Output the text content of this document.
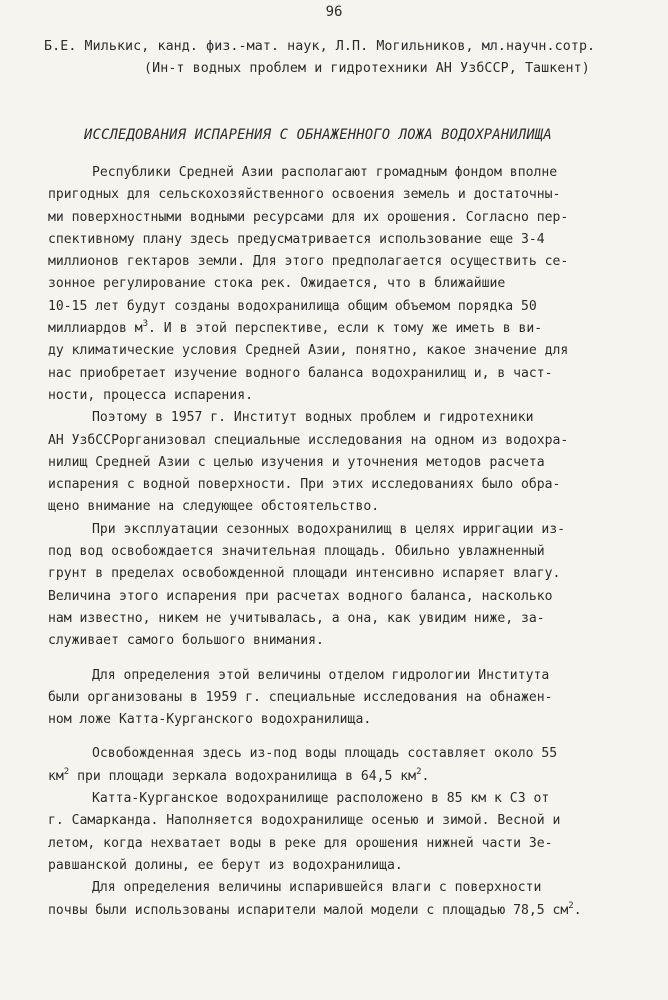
96
Б.Е. Милькис, канд. физ.-мат. наук, Л.П. Могильников, мл.научн.сотр.
(Ин-т водных проблем и гидротехники АН УзбССР, Ташкент)
ИССЛЕДОВАНИЯ ИСПАРЕНИЯ С ОБНАЖЕННОГО ЛОЖА ВОДОХРАНИЛИЩА
Республики Средней Азии располагают громадным фондом вполне
пригодных для сельскохозяйственного освоения земель и достаточны-
ми поверхностными водными ресурсами для их орошения. Согласно пер-
спективному плану здесь предусматривается использование еще 3-4
миллионов гектаров земли. Для этого предполагается осуществить се-
зонное регулирование стока рек. Ожидается, что в ближайшие
10-15 лет будут созданы водохранилища общим объемом порядка 50
миллиардов $м^3$. И в этой перспективе, если к тому же иметь в ви-
ду климатические условия Средней Азии, понятно, какое значение для
нас приобретает изучение водного баланса водохранилищ и, в част-
ности, процесса испарения.
Поэтому в 1957 г. Институт водных проблем и гидротехники
АН УзбССРорганизовал специальные исследования на одном из водохра-
нилищ Средней Азии с целью изучения и уточнения методов расчета
испарения с водной поверхности. При этих исследованиях было обра-
щено внимание на следующее обстоятельство.
При эксплуатации сезонных водохранилищ в целях ирригации из-
под вод освобождается значительная площадь. Обильно увлажненный
грунт в пределах освобожденной площади интенсивно испаряет влагу.
Величина этого испарения при расчетах водного баланса, насколько
нам известно, никем не учитывалась, а она, как увидим ниже, за-
служивает самого большого внимания.
Для определения этой величины отделом гидрологии Института
были организованы в 1959 г. специальные исследования на обнажен-
ном ложе Катта-Курганского водохранилища.
Освобожденная здесь из-под воды площадь составляет около 55
$км^2$ при площади зеркала водохранилища в 64,5 $км^2$.
Катта-Курганское водохранилище расположено в 85 км к СЗ от
г. Самарканда. Наполняется водохранилище осенью и зимой. Весной и
летом, когда нехватает воды в реке для орошения нижней части Зе-
равшанской долины, ее берут из водохранилища.
Для определения величины испарившейся влаги с поверхности
почвы были использованы испарители малой модели с площадью 78,5 $см^2$.
